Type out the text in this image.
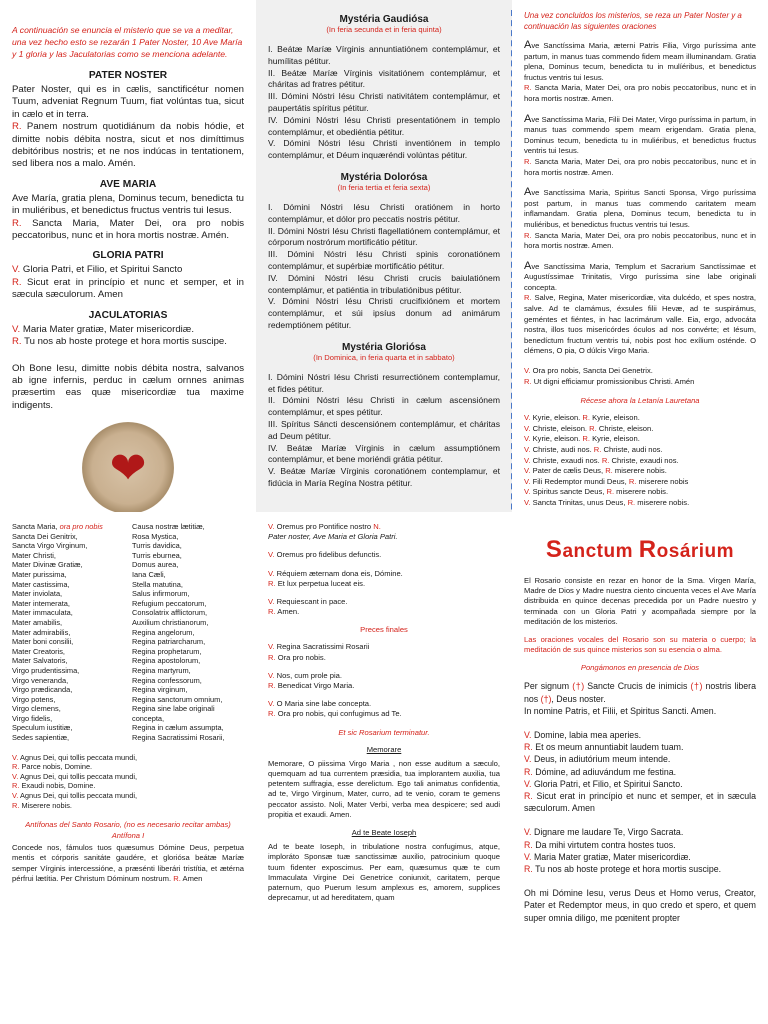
A continuación se enuncia el misterio que se va a meditar, una vez hecho esto se rezarán 1 Pater Noster, 10 Ave María y 1 gloria y las Jaculatorias como se menciona adelante.

PATER NOSTER

Pater Noster, qui es in cælis, sanctificétur nomen Tuum, adveniat Regnum Tuum, fiat volúntas tua, sicut in cælo et in terra.
R. Panem nostrum quotidiánum da nobis hódie, et dimitte nobis débita nostra, sicut et nos dimíttimus debitóribus nostris; et ne nos indúcas in tentationem, sed libera nos a malo. Amén.

AVE MARIA

Ave María, gratia plena, Dominus tecum, benedicta tu in muliéribus, et benedictus fructus ventris tui Iesus.
R. Sancta Maria, Mater Dei, ora pro nobis peccatoribus, nunc et in hora mortis nostræ. Amén.

GLORIA PATRI

V. Gloria Patri, et Filio, et Spiritui Sancto
R. Sicut erat in princípio et nunc et semper, et in sæcula sæculorum. Amen

JACULATORIAS

V. Maria Mater gratiæ, Mater misericordiæ.
R. Tu nos ab hoste protege et hora mortis suscipe.

Oh Bone Iesu, dimitte nobis débita nostra, salvanos ab igne infernis, perduc in cælum ornnes animas præsertim eas quæ misericordiæ tua maxime indigents.

❤
Mystéria Gaudiósa

(In feria secunda et in feria quinta)

I. Beátæ Maríæ Vírginis annuntiatiónem contemplámur, et humílitas pétitur.
II. Beátæ Maríæ Vírginis visitatiónem contemplámur, et cháritas ad fratres pétitur.
III. Dómini Nóstri Iésu Christi nativitátem contemplámur, et paupertátis spíritus pétitur.
IV. Dómini Nóstri Iésu Christi presentatiónem in templo contemplámur, et obediéntia pétitur.
V. Dómini Nóstri Iésu Christi inventiónem in templo contemplámur, et Déum inquæréndi volúntas pétitur.

Mystéria Dolorósa

(In feria tertia et feria sexta)

I. Dómini Nóstri Iésu Christi oratiónem in horto contemplámur, et dólor pro peccatis nostris pétitur.
II. Dómini Nóstri Iésu Christi flagellatiónem contemplámur, et córporum nostrórum mortificátio pétitur.
III. Dómini Nóstri Iésu Christi spinis coronatiónem contemplámur, et supérbiæ mortificátio pétitur.
IV. Dómini Nóstri Iésu Christi crucis baiulatiónem contemplámur, et patiéntia in tribulatiónibus pétitur.
V. Dómini Nóstri Iésu Christi crucifixiónem et mortem contemplámur, et súi ipsíus donum ad animárum redemptiónem pétitur.

Mystéria Gloriósa

(In Dominica, in feria quarta et in sabbato)

I. Dómini Nóstri Iésu Christi resurrectiónem contemplamur, et fides pétitur.
II. Dómini Nóstri Iésu Christi in cælum ascensiónem contemplámur, et spes pétitur.
III. Spíritus Sáncti descensiónem contemplámur, et cháritas ad Deum pétitur.
IV. Beátæ Maríæ Vírginis in cælum assumptiónem contemplámur, et bene moriéndi grátia pétitur.
V. Beátæ Maríæ Vírginis coronatiónem contemplamur, et fidúcia in María Regína Nostra pétitur.

Una vez concluidos los misterios, se reza un Pater Noster y a continuación las siguientes oraciones

Ave Sanctíssima Maria, æterni Patris Filia, Virgo puríssima ante partum, in manus tuas commendo fidem meam illuminandam. Gratia plena, Dominus tecum, benedicta tu in mulíéribus, et benedictus fructus ventris tui Iesus.
R. Sancta Maria, Mater Dei, ora pro nobis peccatoribus, nunc et in hora mortis nostræ. Amen.

Ave Sanctíssima Maria, Filii Dei Mater, Virgo puríssima in partum, in manus tuas commendo spem meam erigendam. Gratia plena, Dominus tecum, benedicta tu in muliéribus, et benedictus fructus ventris tui Iesus.
R. Sancta Maria, Mater Dei, ora pro nobis peccatoribus, nunc et in hora mortis nostræ. Amen.

Ave Sanctíssima Maria, Spiritus Sancti Sponsa, Virgo puríssima post partum, in manus tuas commendo caritatem meam inflamandam. Gratia plena, Dominus tecum, benedicta tu in muliéribus, et benedictus fructus ventris tui Iesus.
R. Sancta Maria, Mater Dei, ora pro nobis peccatoribus, nunc et in hora mortis nostræ. Amen.

Ave Sanctíssima Maria, Templum et Sacrarium Sanctíssimae et Augustíssimae Trinitatis, Virgo puríssima sine labe originali concepta.
R. Salve, Regina, Mater misericordiæ, vita dulcédo, et spes nostra, salve. Ad te clamámus, éxsules filii Hevæ, ad te suspirámus, geméntes et fiéntes, in hac lacrimárum valle. Eia, ergo, advocáta nostra, illos tuos misericórdes óculos ad nos convérte; et Iésum, benedíctum fructum ventris tui, nobis post hoc exílium osténde. O clémens, O pia, O dúlcis Virgo Maria.

V. Ora pro nobis, Sancta Dei Genetrix.
R. Ut digni efficiamur promissionibus Christi. Amén

Récese ahora la Letanía Lauretana

V. Kyrie, eleison. R. Kyrie, eleison.
V. Christe, eleison. R. Christe, eleison.
V. Kyrie, eleison. R. Kyrie, eleison.
V. Christe, audi nos. R. Christe, audi nos.
V. Christe, exaudi nos. R. Christe, exaudi nos.
V. Pater de cælis Deus, R. miserere nobis.
V. Fili Redemptor mundi Deus, R. miserere nobis
V. Spiritus sancte Deus, R. miserere nobis.
V. Sancta Trinitas, unus Deus, R. miserere nobis.
Sancta Maria, ora pro nobis
Sancta Dei Genitrix,
Sancta Virgo Virginum,
Mater Christi,
Mater Divinæ Gratiæ,
Mater purissima,
Mater castissima,
Mater inviolata,
Mater intemerata,
Mater immaculata,
Mater amabilis,
Mater admirabilis,
Mater boni consilii,
Mater Creatoris,
Mater Salvatoris,
Virgo prudentissima,
Virgo veneranda,
Virgo prædicanda,
Virgo potens,
Virgo clemens,
Virgo fidelis,
Speculum iustitiæ,
Sedes sapientiæ,
Causa nostræ lætitiæ,
Rosa Mystica,
Turris davidica,
Turris eburnea,
Domus aurea,
Iana Cæli,
Stella matutina,
Salus infirmorum,
Refugium peccatorum,
Consolatrix afflictorum,
Auxilium christianorum,
Regina angelorum,
Regina patriarcharum,
Regina prophetarum,
Regina apostolorum,
Regina martyrum,
Regina confessorum,
Regina virginum,
Regina sanctorum omnium,
Regina sine labe originali concepta,
Regina in cælum assumpta,
Regina Sacratissimi Rosarii,
V. Agnus Dei, qui tollis peccata mundi,
R. Parce nobis, Domine.
V. Agnus Dei, qui tollis peccata mundi,
R. Exaudi nobis, Domine.
V. Agnus Dei, qui tollis peccata mundi,
R. Miserere nobis.

Antífonas del Santo Rosario, (no es necesario recitar ambas)

Antífona I

Concede nos, fámulos tuos quæsumus Dómine Deus, perpetua mentis et córporis sanitáte gaudére, et gloriósa beátæ Maríæ semper Vírginis intercessióne, a præsénti liberári tristítia, et ætérna pérfrui lætítia. Per Christum Dóminum nostrum. R. Amen

V. Oremus pro Pontifice nostro N.
Pater noster, Ave Maria et Gloria Patri.

V. Oremus pro fidelibus defunctis.

V. Réquiem æternam dona eis, Dómine.
R. Et lux perpetua luceat eis.

V. Requiescant in pace.
R. Amen.

Preces finales

V. Regina Sacratissimi Rosarii
R. Ora pro nobis.

V. Nos, cum prole pia.
R. Benedicat Virgo Maria.

V. O Maria sine labe concepta.
R. Ora pro nobis, qui confugimus ad Te.

Et sic Rosarium terminatur.

Memorare

Memorare, O piissima Virgo Maria , non esse auditum a sæculo, quemquam ad tua currentem præsidia, tua implorantem auxilia, tua petentem suffragia, esse derelictum. Ego tali animatus confidentia, ad te, Virgo Virginum, Mater, curro, ad te venio, coram te gemens peccator assisto. Noli, Mater Verbi, verba mea despicere; sed audi propitia et exaudi. Amen.

Ad te Beate Ioseph

Ad te beate Ioseph, in tribulatione nostra confugimus, atque, imploráto Sponsæ tuæ sanctissimæ auxilio, patrocinium quoque tuum fidenter exposcimus. Per eam, quæsumus quæ te cum Immaculata Virgine Dei Genetrice coniunxit, caritatem, perque paternum, quo Puerum Iesum amplexus es, amorem, supplices deprecamur, ut ad hereditatem, quam

Sanctum Rosárium

El Rosario consiste en rezar en honor de la Sma. Virgen María, Madre de Dios y Madre nuestra ciento cincuenta veces el Ave María distribuida en quince decenas precedida por un Padre nuestro y terminada con un Gloria Patri y acompañada siempre por la meditación de los misterios.

Las oraciones vocales del Rosario son su materia o cuerpo; la meditación de sus quince misterios son su esencia o alma.

Pongámonos en presencia de Dios

Per signum (†) Sancte Crucis de inimicis (†) nostris libera nos (†), Deus noster.
In nomine Patris, et Filii, et Spiritus Sancti. Amen.

V. Domine, labia mea aperies.
R. Et os meum annuntiabit laudem tuam.
V. Deus, in adiutórium meum intende.
R. Dómine, ad adiuvándum me festina.
V. Gloria Patri, et Filio, et Spiritui Sancto.
R. Sicut erat in princípio et nunc et semper, et in sæcula sæculorum. Amen

V. Dignare me laudare Te, Virgo Sacrata.
R. Da mihi virtutem contra hostes tuos.
V. Maria Mater gratiæ, Mater misericordiæ.
R. Tu nos ab hoste protege et hora mortis suscipe.

Oh mi Dómine Iesu, verus Deus et Homo verus, Creator, Pater et Redemptor meus, in quo credo et spero, et quem super omnia diligo, me pœnitent propter
